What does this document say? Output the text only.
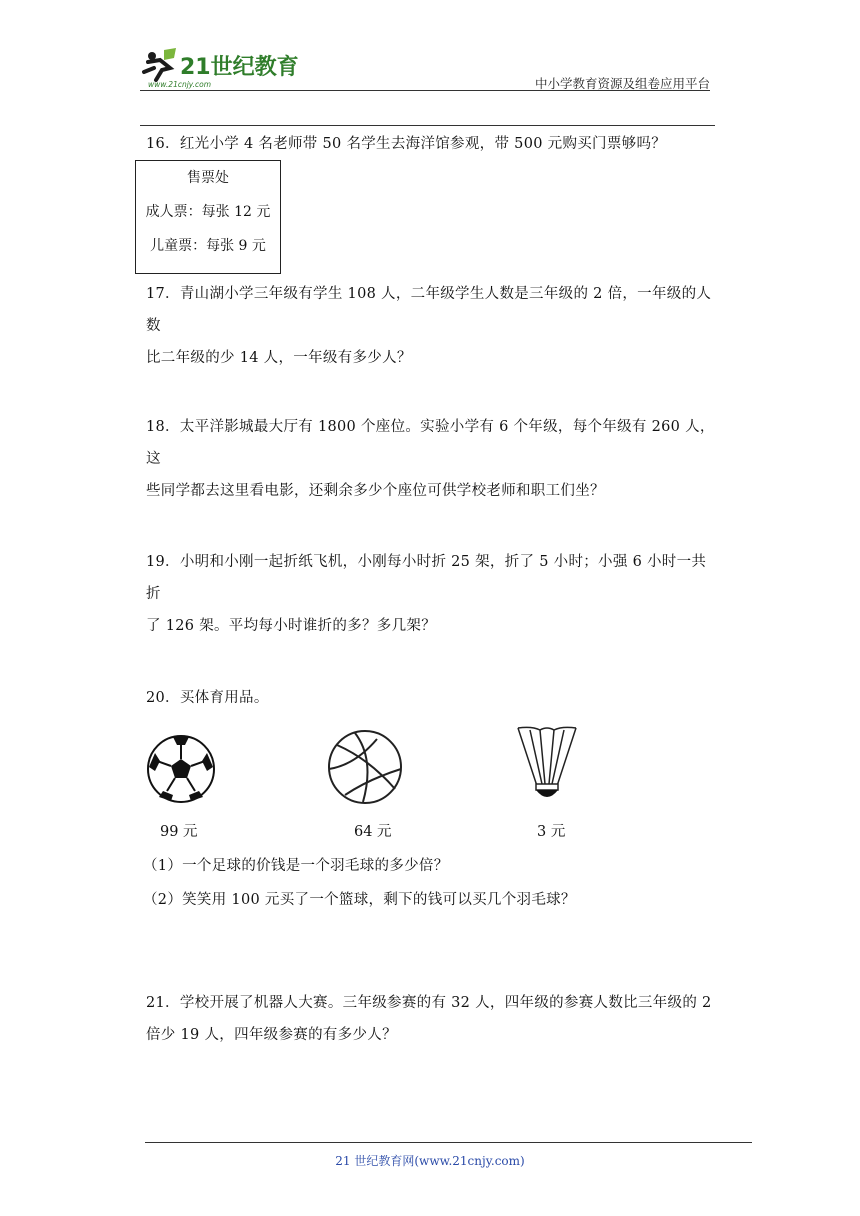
21世纪教育
www.21cnjy.com	中小学教育资源及组卷应用平台
16．红光小学 4 名老师带 50 名学生去海洋馆参观，带 500 元购买门票够吗？
售票处
成人票：每张 12 元
儿童票：每张 9 元
17．青山湖小学三年级有学生 108 人，二年级学生人数是三年级的 2 倍，一年级的人数
比二年级的少 14 人，一年级有多少人？
18．太平洋影城最大厅有 1800 个座位。实验小学有 6 个年级，每个年级有 260 人，这
些同学都去这里看电影，还剩余多少个座位可供学校老师和职工们坐？
19．小明和小刚一起折纸飞机，小刚每小时折 25 架，折了 5 小时；小强 6 小时一共折
了 126 架。平均每小时谁折的多？多几架？
20．买体育用品。
99 元	64 元	3 元
（1）一个足球的价钱是一个羽毛球的多少倍？
（2）笑笑用 100 元买了一个篮球，剩下的钱可以买几个羽毛球？
21．学校开展了机器人大赛。三年级参赛的有 32 人，四年级的参赛人数比三年级的 2
倍少 19 人，四年级参赛的有多少人？
21 世纪教育网(www.21cnjy.com)
